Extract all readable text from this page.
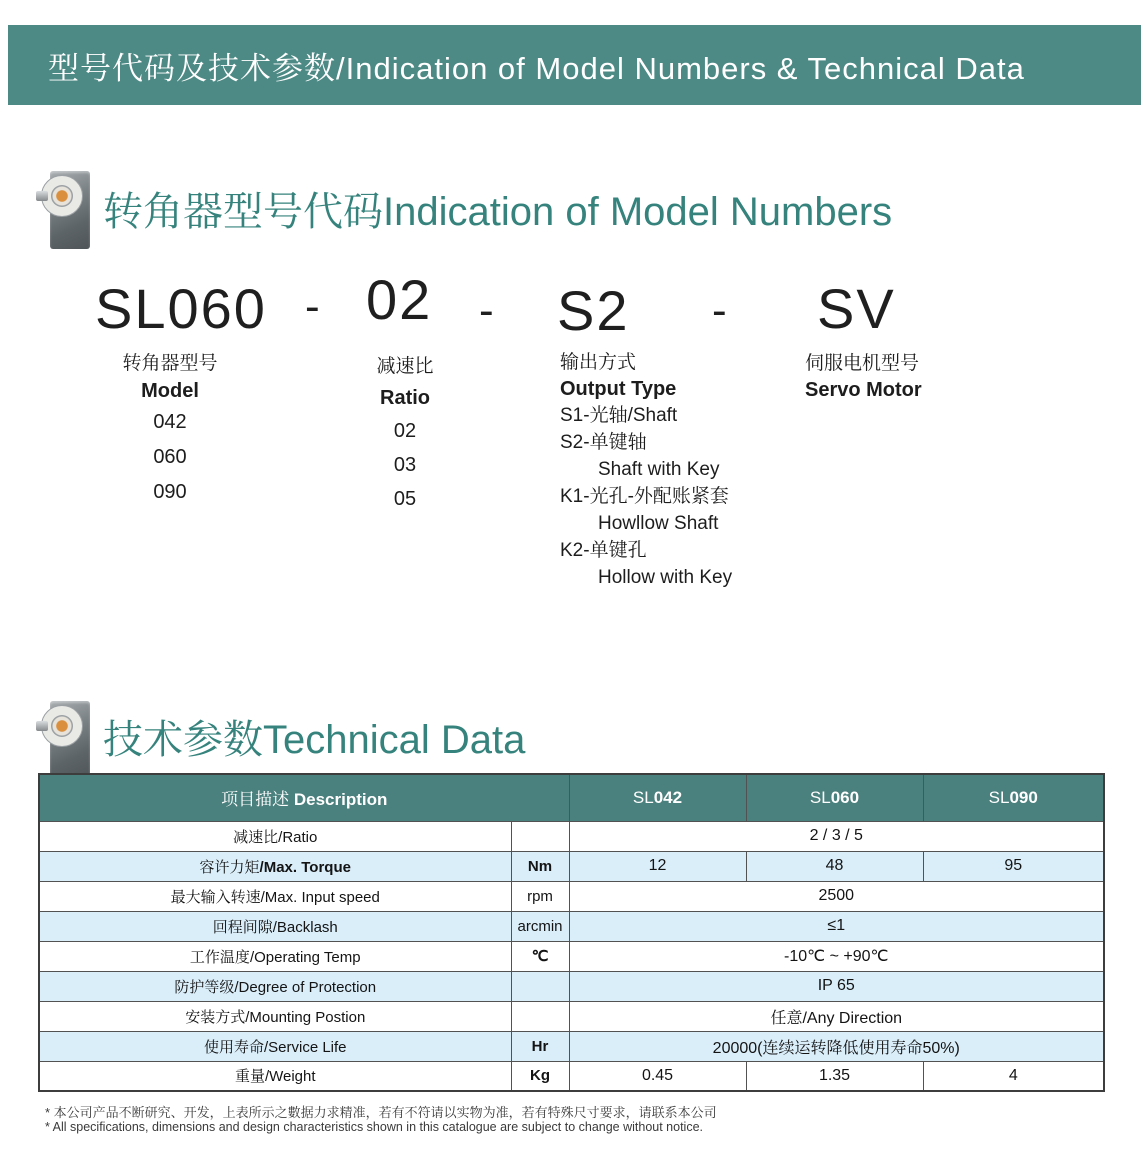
型号代码及技术参数/Indication of Model Numbers & Technical Data
转角器型号代码Indication of Model Numbers
SL060 - 02 - S2 - SV
转角器型号
Model
042
060
090
减速比
Ratio
02
03
05
输出方式
Output Type
S1-光轴/Shaft
S2-单键轴
Shaft with Key
K1-光孔-外配账紧套
Howllow Shaft
K2-单键孔
Hollow with Key
伺服电机型号
Servo Motor
技术参数Technical Data
项目描述 Description		SL042	SL060	SL090
减速比/Ratio		2 / 3 / 5		
容许力矩/Max. Torque	Nm	12	48	95
最大输入转速/Max. Input speed	rpm	2500		
回程间隙/Backlash	arcmin	≤1		
工作温度/Operating Temp	℃	-10℃ ~ +90℃		
防护等级/Degree of Protection		IP 65		
安装方式/Mounting Postion		任意/Any Direction		
使用寿命/Service Life	Hr	20000(连续运转降低使用寿命50%)		
重量/Weight	Kg	0.45	1.35	4
* 本公司产品不断研究、开发，上表所示之數据力求精准，若有不符请以实物为准，若有特殊尺寸要求，请联系本公司
* All specifications, dimensions and design characteristics shown in this catalogue are subject to change without notice.
